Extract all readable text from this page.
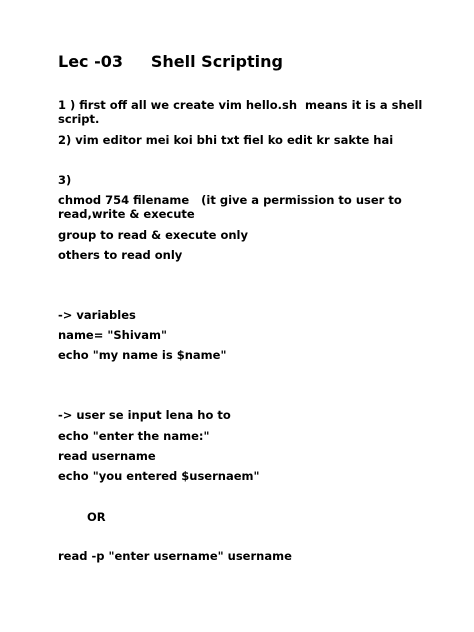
Lec -03     Shell Scripting

1 ) first off all we create vim hello.sh  means it is a shell script.

2) vim editor mei koi bhi txt fiel ko edit kr sakte hai

3)

chmod 754 filename   (it give a permission to user to read,write & execute

group to read & execute only

others to read only

-> variables

name= "Shivam"

echo "my name is $name"

-> user se input lena ho to

echo "enter the name:"

read username

echo "you entered $usernaem"

OR

read -p "enter username" username
